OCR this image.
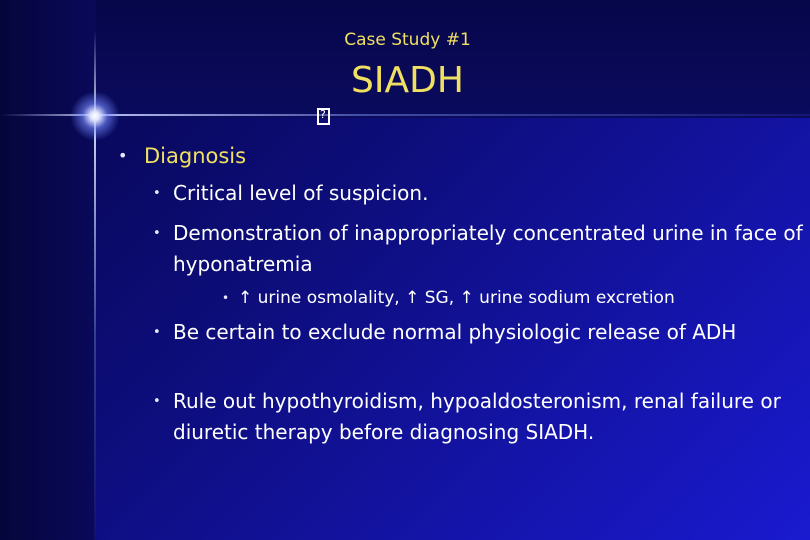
Case Study #1
SIADH
?
• Diagnosis
• Critical level of suspicion.
• Demonstration of inappropriately concentrated urine in face of hyponatremia
• ↑ urine osmolality, ↑ SG, ↑ urine sodium excretion
• Be certain to exclude normal physiologic release of ADH
• Rule out hypothyroidism, hypoaldosteronism, renal failure or diuretic therapy before diagnosing SIADH.
